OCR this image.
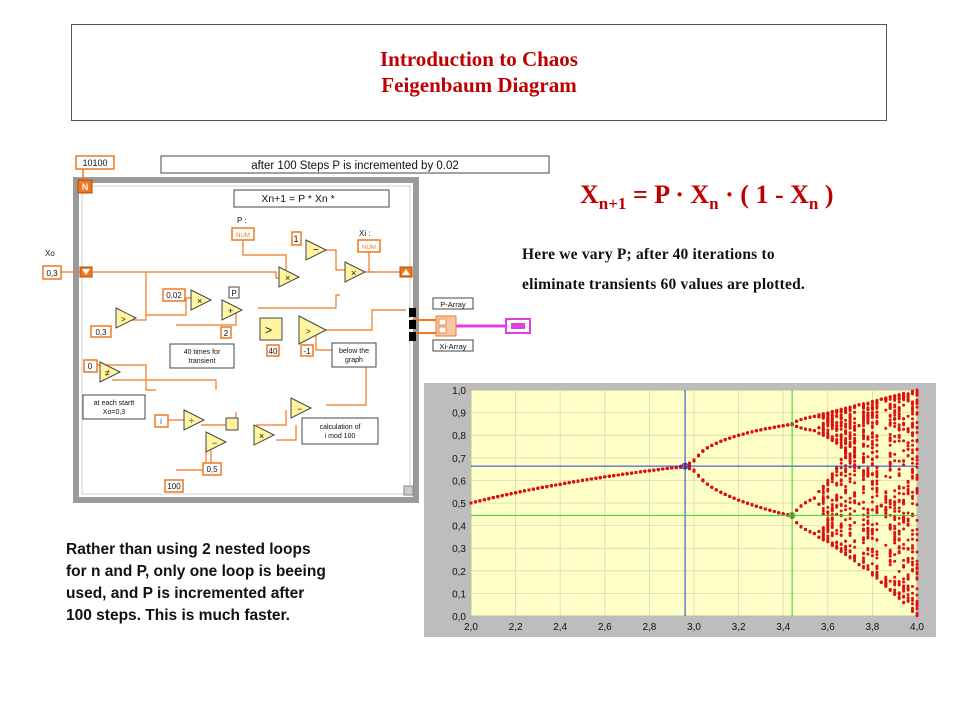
Introduction to Chaos
Feigenbaum Diagram
$X_{n+1} = P \cdot X_n$ · ( $1 - X_n$ )
Here we vary P; after 40 iterations to
eliminate transients 60 values are plotted.
Rather than using 2 nested loops
for n and P, only one loop is beeing
used, and P is incremented after
100 steps. This is much faster.
after 100 Steps P is incremented by 0.02
10100
N
Xn+1 = P * Xn *
P :
NUM	Xi :
NUM
Xo
0,3
P-Array
Xi-Array
1
−
×	×
0,02
×
P
+
2
>
0,3	>	>
40	-1
40 times for transient
below the graph
0
≠
at each startt Xo=0,3
i	÷
−
×
−
calculation of i mod 100
0,5
100
0,0
0,1
0,2
0,3
0,4
0,5
0,6
0,7
0,8
0,9
1,0
2,0	2,2	2,4	2,6	2,8	3,0	3,2	3,4	3,6	3,8	4,0
